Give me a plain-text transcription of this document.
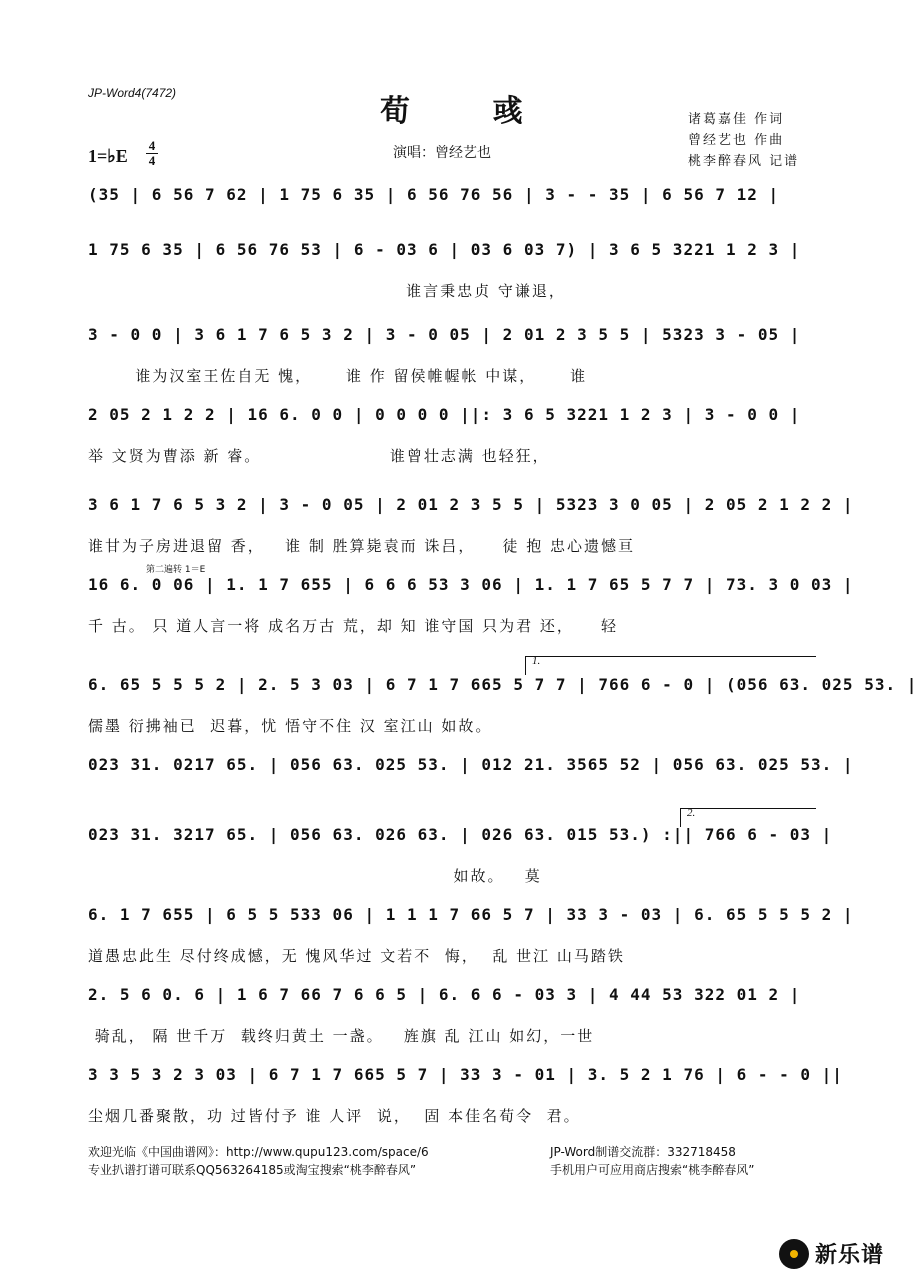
JP-Word4(7472)
荀 彧
1=♭E
4
4	演唱：曾经艺也
诸葛嘉佳 作词
曾经艺也 作曲
桃李醉春风 记谱
(35 | 6 56 7 62 | 1 75 6 35 | 6 56 76 56 | 3 - - 35 | 6 56 7 12 |
1 75 6 35 | 6 56 76 53 | 6 - 03 6 | 03 6 03 7) | 3 6 5 3221 1 2 3 |
谁言秉忠贞 守谦退，
3 - 0 0 | 3 6 1 7 6 5 3 2 | 3 - 0 05 | 2 01 2 3 5 5 | 5323 3 - 05 |
谁为汉室王佐自无 愧，     谁 作 留侯帷幄帐 中谋，     谁
2 05 2 1 2 2 | 16 6. 0 0 | 0 0 0 0 ||: 3 6 5 3221 1 2 3 | 3 - 0 0 |
举 文贤为曹添 新 睿。                   谁曾壮志满 也轻狂，
3 6 1 7 6 5 3 2 | 3 - 0 05 | 2 01 2 3 5 5 | 5323 3 0 05 | 2 05 2 1 2 2 |
谁甘为子房进退留 香，   谁 制 胜算毙袁而 诛吕，    徒 抱 忠心遗憾亘
16 6. 0 06 | 1. 1 7 655 | 6 6 6 53 3 06 | 1. 1 7 65 5 7 7 | 73. 3 0 03 |
千 古。 只 道人言一将 成名万古 荒，却 知 谁守国 只为君 还，    轻
6. 65 5 5 5 2 | 2. 5 3 03 | 6 7 1 7 665 5 7 7 | 766 6 - 0 | (056 63. 025 53. |
儒墨 衍拂袖已  迟暮，忧 悟守不住 汉 室江山 如故。
023 31. 0217 65. | 056 63. 025 53. | 012 21. 3565 52 | 056 63. 025 53. |
023 31. 3217 65. | 056 63. 026 63. | 026 63. 015 53.) :|| 766 6 - 03 |
如故。   莫
6. 1 7 655 | 6 5 5 533 06 | 1 1 1 7 66 5 7 | 33 3 - 03 | 6. 65 5 5 5 2 |
道愚忠此生 尽付终成憾，无 愧风华过 文若不  悔，  乱 世江 山马踏铁
2. 5 6 0. 6 | 1 6 7 66 7 6 6 5 | 6. 6 6 - 03 3 | 4 44 53 322 01 2 |
骑乱， 隔 世千万  载终归黄土 一盏。   旌旗 乱 江山 如幻，一世
3 3 5 3 2 3 03 | 6 7 1 7 665 5 7 | 33 3 - 01 | 3. 5 2 1 76 | 6 - - 0 ||
尘烟几番聚散，功 过皆付予 谁 人评  说，  固 本佳名荀令  君。
第二遍转 1＝E
1.
2.
欢迎光临《中国曲谱网》：http://www.qupu123.com/space/6	JP-Word制谱交流群：332718458
专业扒谱打谱可联系QQ563264185或淘宝搜索“桃李醉春风”	手机用户可应用商店搜索“桃李醉春风”
新乐谱
